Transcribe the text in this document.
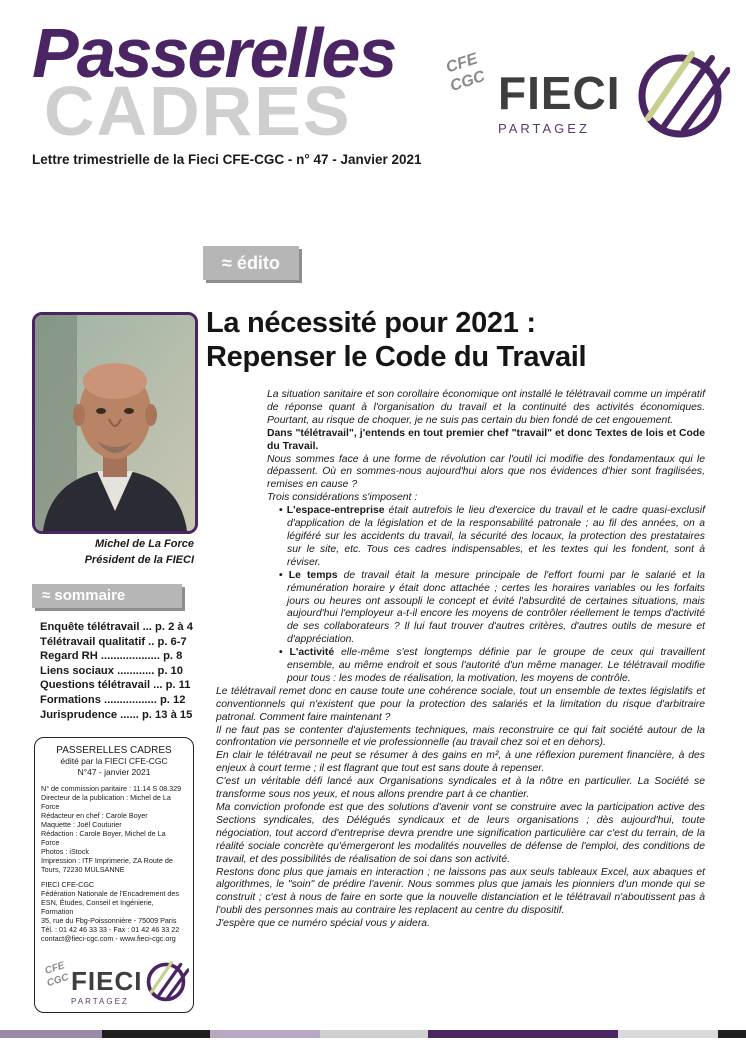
CADRES
Passerelles

Lettre trimestrielle de la Fieci CFE-CGC - n° 47 - Janvier 2021

CFE
CGC FIECI
PARTAGEZ
≈ édito
La nécessité pour 2021 :
Repenser le Code du Travail
Michel de La Force
Président de la FIECI
≈ sommaire
Enquête télétravail ... p. 2 à 4
Télétravail qualitatif .. p. 6-7
Regard RH ................... p. 8
Liens sociaux ............ p. 10
Questions télétravail ... p. 11
Formations ................. p. 12
Jurisprudence ...... p. 13 à 15
PASSERELLES CADRES
édité par la FIECI CFE-CGC
N°47 - janvier 2021
N° de commission paritaire : 11.14 S 08.329
Directeur de la publication : Michel de La Force
Rédacteur en chef : Carole Boyer
Maquette : Joël Couturier
Rédaction : Carole Boyer, Michel de La
Force
Photos : iStock
Impression : ITF Imprimerie, ZA Route de
Tours, 72230 MULSANNE
FIECI CFE-CGC
Fédération Nationale de l'Encadrement des
ESN, Études, Conseil et Ingénierie, Formation
35, rue du Fbg-Poissonnière - 75009 Paris
Tél. : 01 42 46 33 33 - Fax : 01 42 46 33 22
contact@fieci-cgc.com - www.fieci-cgc.org
CFE
CGC FIECI
PARTAGEZ

La situation sanitaire et son corollaire économique ont installé le télétravail comme un impératif de réponse quant à l'organisation du travail et la continuité des activités économiques. Pourtant, au risque de choquer, je ne suis pas certain du bien fondé de cet engouement.

Dans "télétravail", j'entends en tout premier chef "travail" et donc Textes de lois et Code du Travail.

Nous sommes face à une forme de révolution car l'outil ici modifie des fondamentaux qui le dépassent. Où en sommes-nous aujourd'hui alors que nos évidences d'hier sont fragilisées, remises en cause ?

Trois considérations s'imposent :

• L'espace-entreprise était autrefois le lieu d'exercice du travail et le cadre quasi-exclusif d'application de la législation et de la responsabilité patronale ; au fil des années, on a légiféré sur les accidents du travail, la sécurité des locaux, la protection des prestataires sur le site, etc. Tous ces cadres indispensables, et les textes qui les fondent, sont à réviser.

• Le temps de travail était la mesure principale de l'effort fourni par le salarié et la rémunération horaire y était donc attachée ; certes les horaires variables ou les forfaits jours ou heures ont assoupli le concept et évité l'absurdité de certaines situations, mais aujourd'hui l'employeur a-t-il encore les moyens de contrôler réellement le temps d'activité de ses collaborateurs ? Il lui faut trouver d'autres critères, d'autres outils de mesure et d'appréciation.

• L'activité elle-même s'est longtemps définie par le groupe de ceux qui travaillent ensemble, au même endroit et sous l'autorité d'un même manager. Le télétravail modifie pour tous : les modes de réalisation, la motivation, les moyens de contrôle.

Le télétravail remet donc en cause toute une cohérence sociale, tout un ensemble de textes législatifs et conventionnels qui n'existent que pour la protection des salariés et la limitation du risque d'arbitraire patronal. Comment faire maintenant ?

Il ne faut pas se contenter d'ajustements techniques, mais reconstruire ce qui fait société autour de la confrontation vie personnelle et vie professionnelle (au travail chez soi et en dehors).

En clair le télétravail ne peut se résumer à des gains en m², à une réflexion purement financière, à des enjeux à court terme ; il est flagrant que tout est sans doute à repenser.

C'est un véritable défi lancé aux Organisations syndicales et à la nôtre en particulier. La Société se transforme sous nos yeux, et nous allons prendre part à ce chantier.

Ma conviction profonde est que des solutions d'avenir vont se construire avec la participation active des Sections syndicales, des Délégués syndicaux et de leurs organisations ; dès aujourd'hui, toute négociation, tout accord d'entreprise devra prendre une signification particulière car c'est du terrain, de la réalité sociale concrète qu'émergeront les modalités nouvelles de défense de l'emploi, des conditions de travail, et des possibilités de réalisation de soi dans son activité.

Restons donc plus que jamais en interaction ; ne laissons pas aux seuls tableaux Excel, aux abaques et algorithmes, le "soin" de prédire l'avenir. Nous sommes plus que jamais les pionniers d'un monde qui se construit ; c'est à nous de faire en sorte que la nouvelle distanciation et le télétravail n'aboutissent pas à l'oubli des personnes mais au contraire les replacent au centre du dispositif.

J'espère que ce numéro spécial vous y aidera.
